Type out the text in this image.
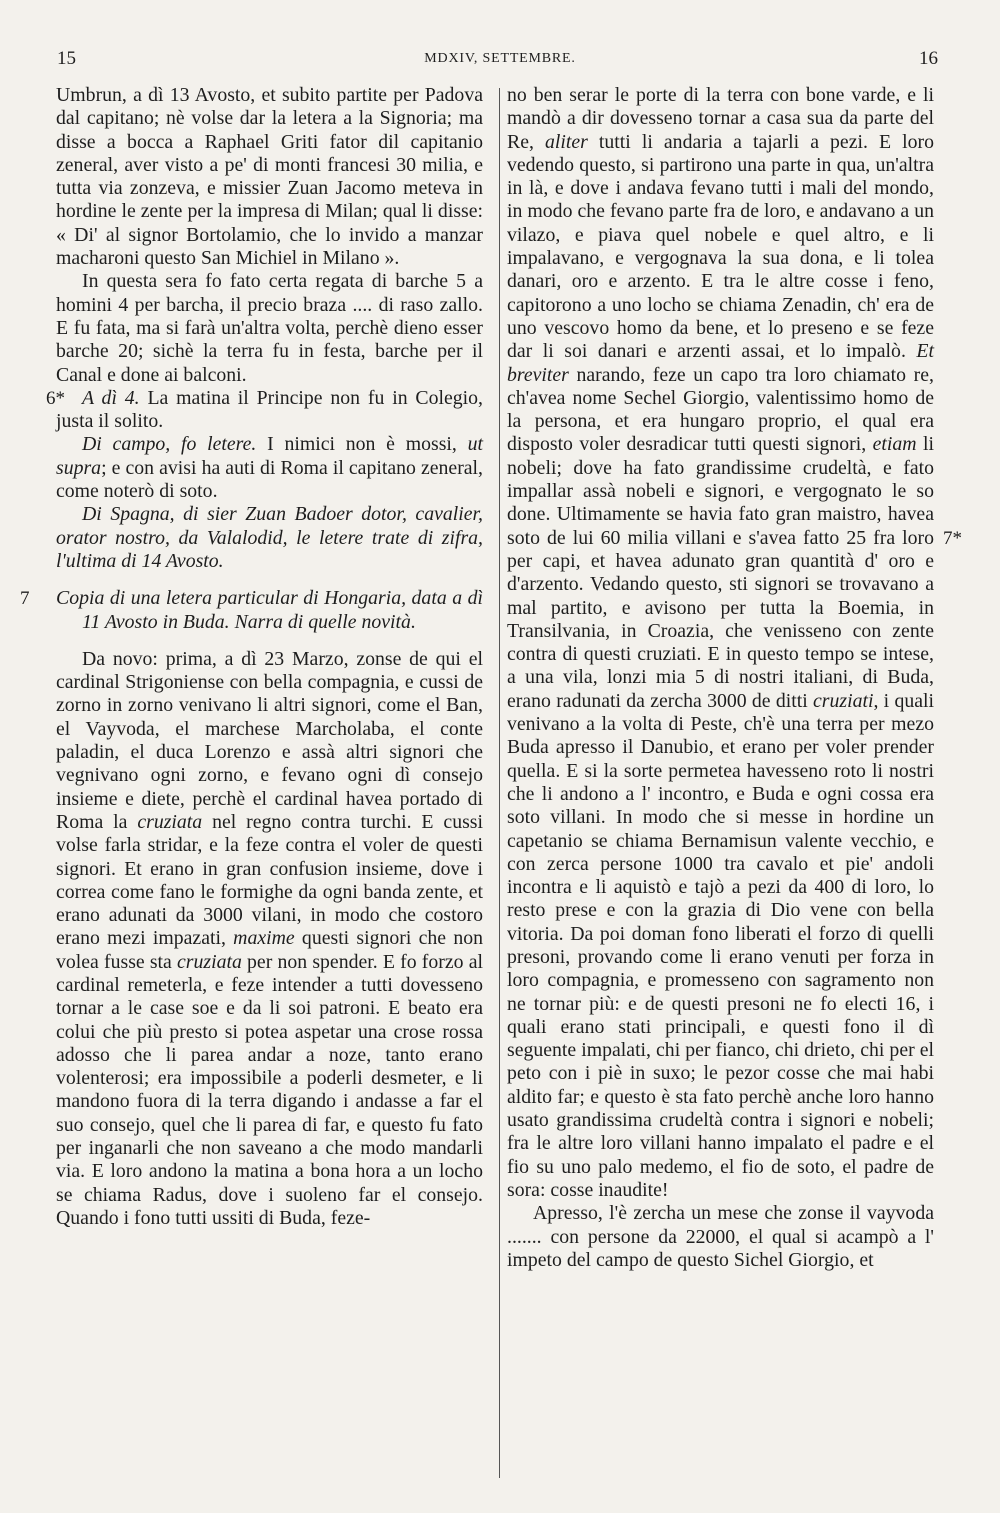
15	MDXIV, SETTEMBRE.	16

Umbrun, a dì 13 Avosto, et subito partite per Padova dal capitano; nè volse dar la letera a la Signoria; ma disse a bocca a Raphael Griti fator dil capitanio zeneral, aver visto a pe' di monti francesi 30 milia, e tutta via zonzeva, e missier Zuan Jacomo meteva in hordine le zente per la impresa di Milan; qual li disse: « Di' al signor Bortolamio, che lo invido a manzar macharoni questo San Michiel in Milano ».

In questa sera fo fato certa regata di barche 5 a homini 4 per barcha, il precio braza .... di raso zallo. E fu fata, ma si farà un'altra volta, perchè dieno esser barche 20; sichè la terra fu in festa, barche per il Canal e done ai balconi.

6* A dì 4. La matina il Principe non fu in Colegio, justa il solito.

Di campo, fo letere. I nimici non è mossi, ut supra; e con avisi ha auti di Roma il capitano zeneral, come noterò di soto.

Di Spagna, di sier Zuan Badoer dotor, cavalier, orator nostro, da Valalodid, le letere trate di zifra, l'ultima di 14 Avosto.

7 Copia di una letera particular di Hongaria, data a dì 11 Avosto in Buda. Narra di quelle novità.

Da novo: prima, a dì 23 Marzo, zonse de qui el cardinal Strigoniense con bella compagnia, e cussi de zorno in zorno venivano li altri signori, come el Ban, el Vayvoda, el marchese Marcholaba, el conte paladin, el duca Lorenzo e assà altri signori che vegnivano ogni zorno, e fevano ogni dì consejo insieme e diete, perchè el cardinal havea portado di Roma la cruziata nel regno contra turchi. E cussi volse farla stridar, e la feze contra el voler de questi signori. Et erano in gran confusion insieme, dove i correa come fano le formighe da ogni banda zente, et erano adunati da 3000 vilani, in modo che costoro erano mezi impazati, maxime questi signori che non volea fusse sta cruziata per non spender. E fo forzo al cardinal remeterla, e feze intender a tutti dovesseno tornar a le case soe e da li soi patroni. E beato era colui che più presto si potea aspetar una crose rossa adosso che li parea andar a noze, tanto erano volenterosi; era impossibile a poderli desmeter, e li mandono fuora di la terra digando i andasse a far el suo consejo, quel che li parea di far, e questo fu fato per inganarli che non saveano a che modo mandarli via. E loro andono la matina a bona hora a un locho se chiama Radus, dove i suoleno far el consejo. Quando i fono tutti ussiti di Buda, feze-

no ben serar le porte di la terra con bone varde, e li mandò a dir dovesseno tornar a casa sua da parte del Re, aliter tutti li andaria a tajarli a pezi. E loro vedendo questo, si partirono una parte in qua, un'altra in là, e dove i andava fevano tutti i mali del mondo, in modo che fevano parte fra de loro, e andavano a un vilazo, e piava quel nobele e quel altro, e li impalavano, e vergognava la sua dona, e li tolea danari, oro e arzento. E tra le altre cosse i feno, capitorono a uno locho se chiama Zenadin, ch' era de uno vescovo homo da bene, et lo preseno e se feze dar li soi danari e arzenti assai, et lo impalò. Et breviter narando, feze un capo tra loro chiamato re, ch'avea nome Sechel Giorgio, valentissimo homo de la persona, et era hungaro proprio, el qual era disposto voler desradicar tutti questi signori, etiam li nobeli; dove ha fato grandissime crudeltà, e fato impallar assà nobeli e signori, e vergognato le so done. Ultimamente se havia fato gran maistro, havea soto de lui 60 milia villani e s'avea fatto 25 fra loro per capi, et havea adunato gran quantità d' oro e d'arzento. Vedando questo, sti signori se trovavano a mal partito, e avisono per tutta la Boemia, in Transilvania, in Croazia, che venisseno con zente contra di questi cruziati. E in questo tempo se intese, a una vila, lonzi mia 5 di nostri italiani, di Buda, erano radunati da zercha 3000 de ditti cruziati, i quali venivano a la volta di Peste, ch'è una terra per mezo Buda apresso il Danubio, et erano per voler prender quella. E si la sorte permetea havesseno roto li nostri che li andono a l' incontro, e Buda e ogni cossa era soto villani. In modo che si messe in hordine un capetanio se chiama Bernamisun valente vecchio, e con zerca persone 1000 tra cavalo et pie' andoli incontra e li aquistò e tajò a pezi da 400 di loro, lo resto prese e con la grazia di Dio vene con bella vitoria. Da poi doman fono liberati el forzo di quelli presoni, provando come li erano venuti per forza in loro compagnia, e promesseno con sagramento non ne tornar più: e de questi presoni ne fo electi 16, i quali erano stati principali, e questi fono il dì seguente impalati, chi per fianco, chi drieto, chi per el peto con i piè in suxo; le pezor cosse che mai habi aldito far; e questo è sta fato perchè anche loro hanno usato grandissima crudeltà contra i signori e nobeli; fra le altre loro villani hanno impalato el padre e el fio su uno palo medemo, el fio de soto, el padre de sora: cosse inaudite!
7*

Apresso, l'è zercha un mese che zonse il vayvoda ....... con persone da 22000, el qual si acampò a l' impeto del campo de questo Sichel Giorgio, et
